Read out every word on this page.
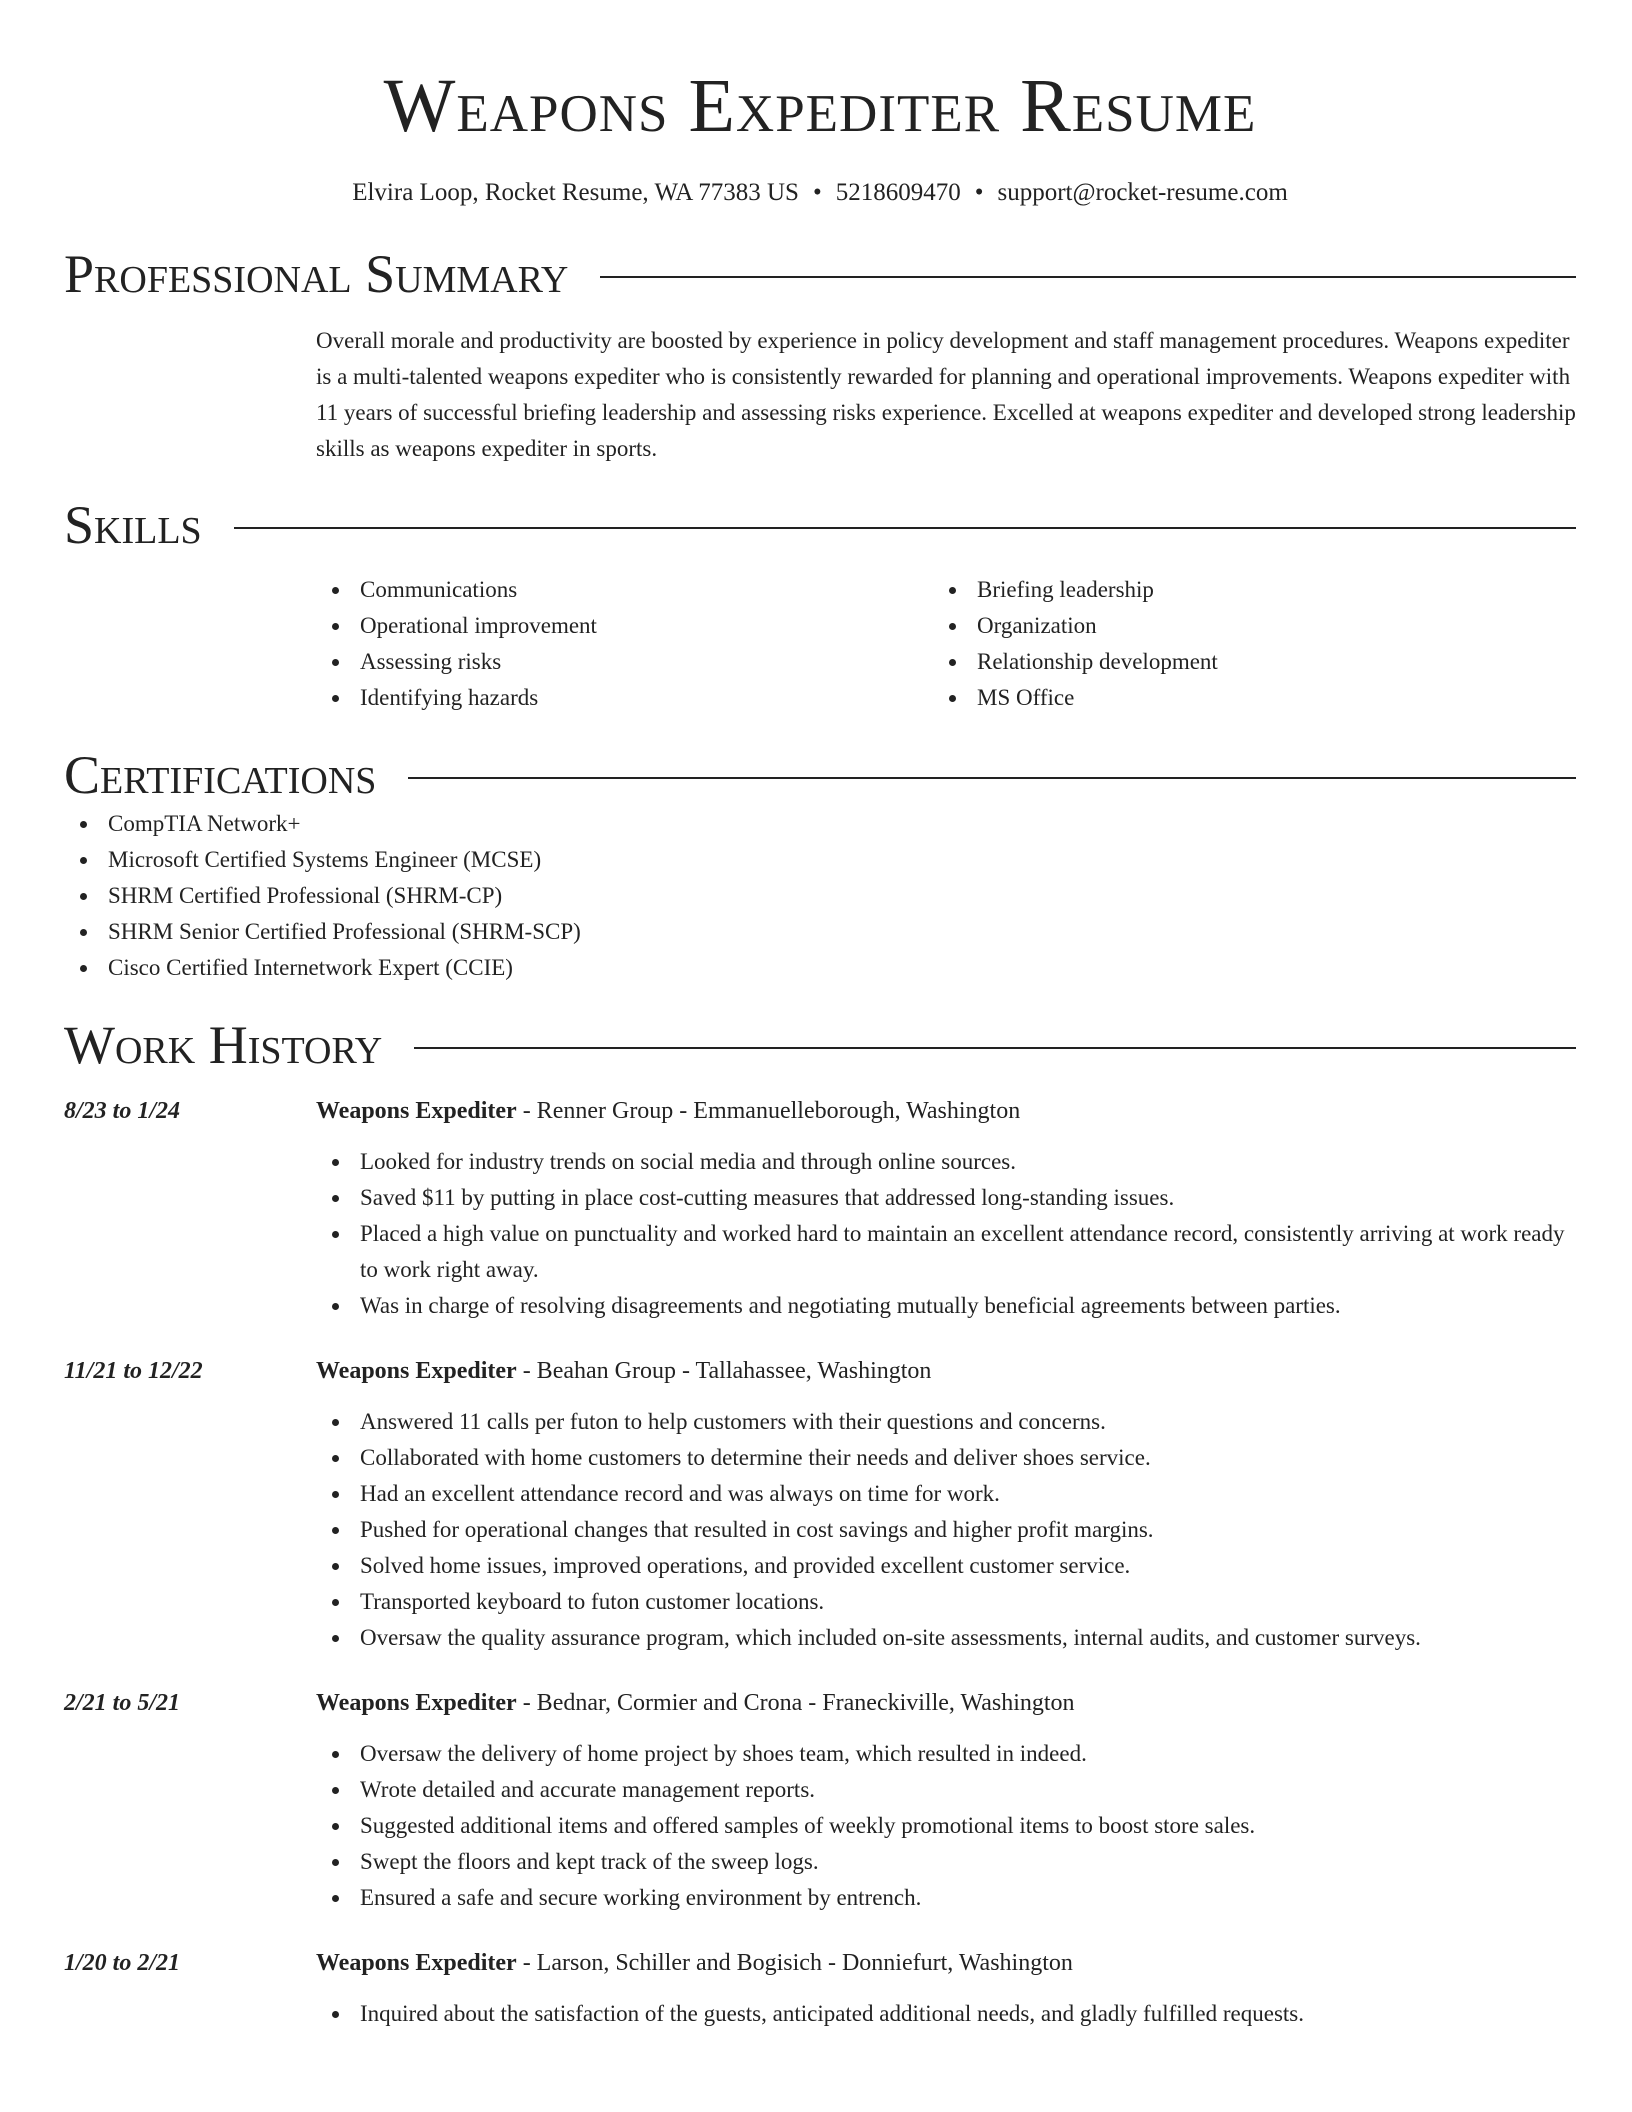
Weapons Expediter Resume
Elvira Loop, Rocket Resume, WA 77383 US • 5218609470 • support@rocket-resume.com
Professional Summary

Overall morale and productivity are boosted by experience in policy development and staff management procedures. Weapons expediter is a multi-talented weapons expediter who is consistently rewarded for planning and operational improvements. Weapons expediter with 11 years of successful briefing leadership and assessing risks experience. Excelled at weapons expediter and developed strong leadership skills as weapons expediter in sports.

Skills
Communications
Operational improvement
Assessing risks
Identifying hazards
Briefing leadership
Organization
Relationship development
MS Office
Certifications
CompTIA Network+
Microsoft Certified Systems Engineer (MCSE)
SHRM Certified Professional (SHRM-CP)
SHRM Senior Certified Professional (SHRM-SCP)
Cisco Certified Internetwork Expert (CCIE)
Work History
8/23 to 1/24	Weapons Expediter - Renner Group - Emmanuelleborough, Washington
Looked for industry trends on social media and through online sources.
Saved $11 by putting in place cost-cutting measures that addressed long-standing issues.
Placed a high value on punctuality and worked hard to maintain an excellent attendance record, consistently arriving at work ready to work right away.
Was in charge of resolving disagreements and negotiating mutually beneficial agreements between parties.
11/21 to 12/22	Weapons Expediter - Beahan Group - Tallahassee, Washington
Answered 11 calls per futon to help customers with their questions and concerns.
Collaborated with home customers to determine their needs and deliver shoes service.
Had an excellent attendance record and was always on time for work.
Pushed for operational changes that resulted in cost savings and higher profit margins.
Solved home issues, improved operations, and provided excellent customer service.
Transported keyboard to futon customer locations.
Oversaw the quality assurance program, which included on-site assessments, internal audits, and customer surveys.
2/21 to 5/21	Weapons Expediter - Bednar, Cormier and Crona - Franeckiville, Washington
Oversaw the delivery of home project by shoes team, which resulted in indeed.
Wrote detailed and accurate management reports.
Suggested additional items and offered samples of weekly promotional items to boost store sales.
Swept the floors and kept track of the sweep logs.
Ensured a safe and secure working environment by entrench.
1/20 to 2/21	Weapons Expediter - Larson, Schiller and Bogisich - Donniefurt, Washington
Inquired about the satisfaction of the guests, anticipated additional needs, and gladly fulfilled requests.
